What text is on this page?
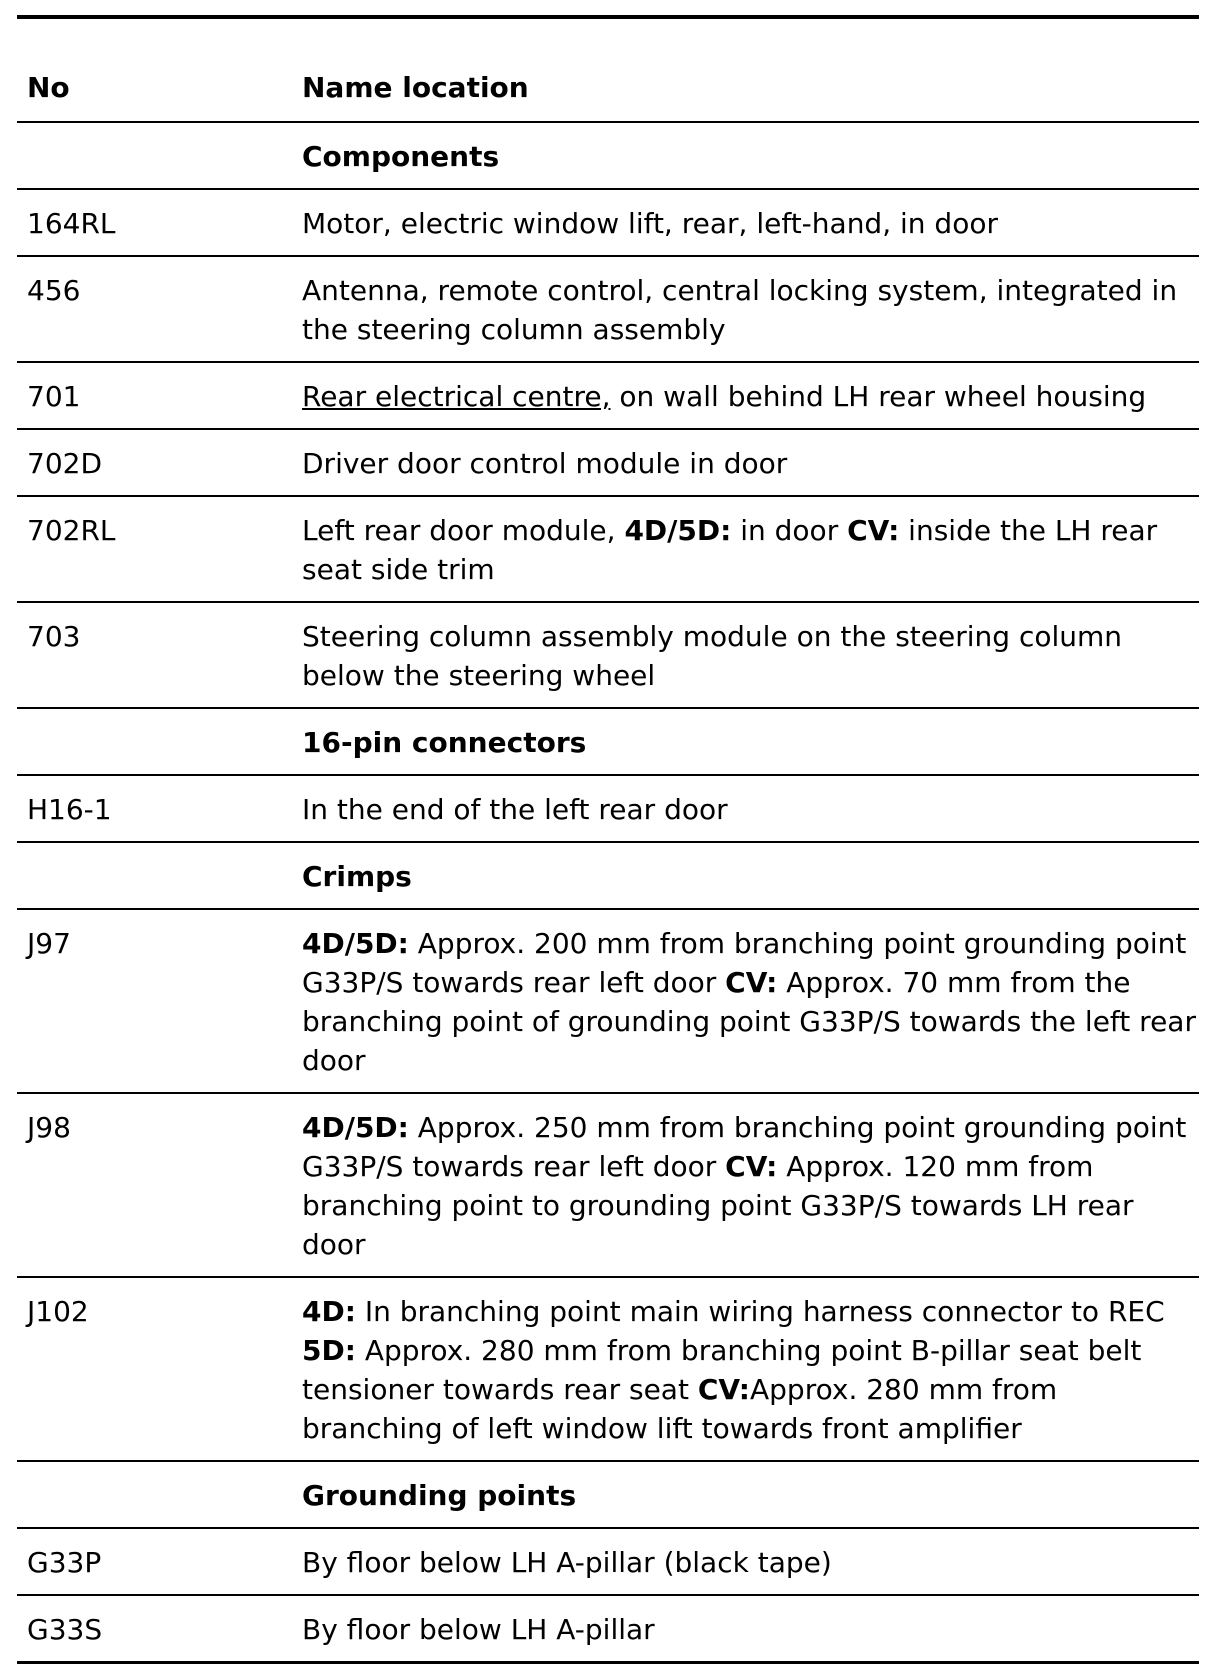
No	Name location
	Components
164RL	Motor, electric window lift, rear, left-hand, in door
456	Antenna, remote control, central locking system, integrated in the steering column assembly
701	Rear electrical centre, on wall behind LH rear wheel housing
702D	Driver door control module in door
702RL	Left rear door module, 4D/5D: in door CV: inside the LH rear seat side trim
703	Steering column assembly module on the steering column below the steering wheel
	16-pin connectors
H16-1	In the end of the left rear door
	Crimps
J97	4D/5D: Approx. 200 mm from branching point grounding point G33P/S towards rear left door CV: Approx. 70 mm from the branching point of grounding point G33P/S towards the left rear door
J98	4D/5D: Approx. 250 mm from branching point grounding point G33P/S towards rear left door CV: Approx. 120 mm from branching point to grounding point G33P/S towards LH rear door
J102	4D: In branching point main wiring harness connector to REC 5D: Approx. 280 mm from branching point B-pillar seat belt tensioner towards rear seat CV:Approx. 280 mm from branching of left window lift towards front amplifier
	Grounding points
G33P	By floor below LH A-pillar (black tape)
G33S	By floor below LH A-pillar
